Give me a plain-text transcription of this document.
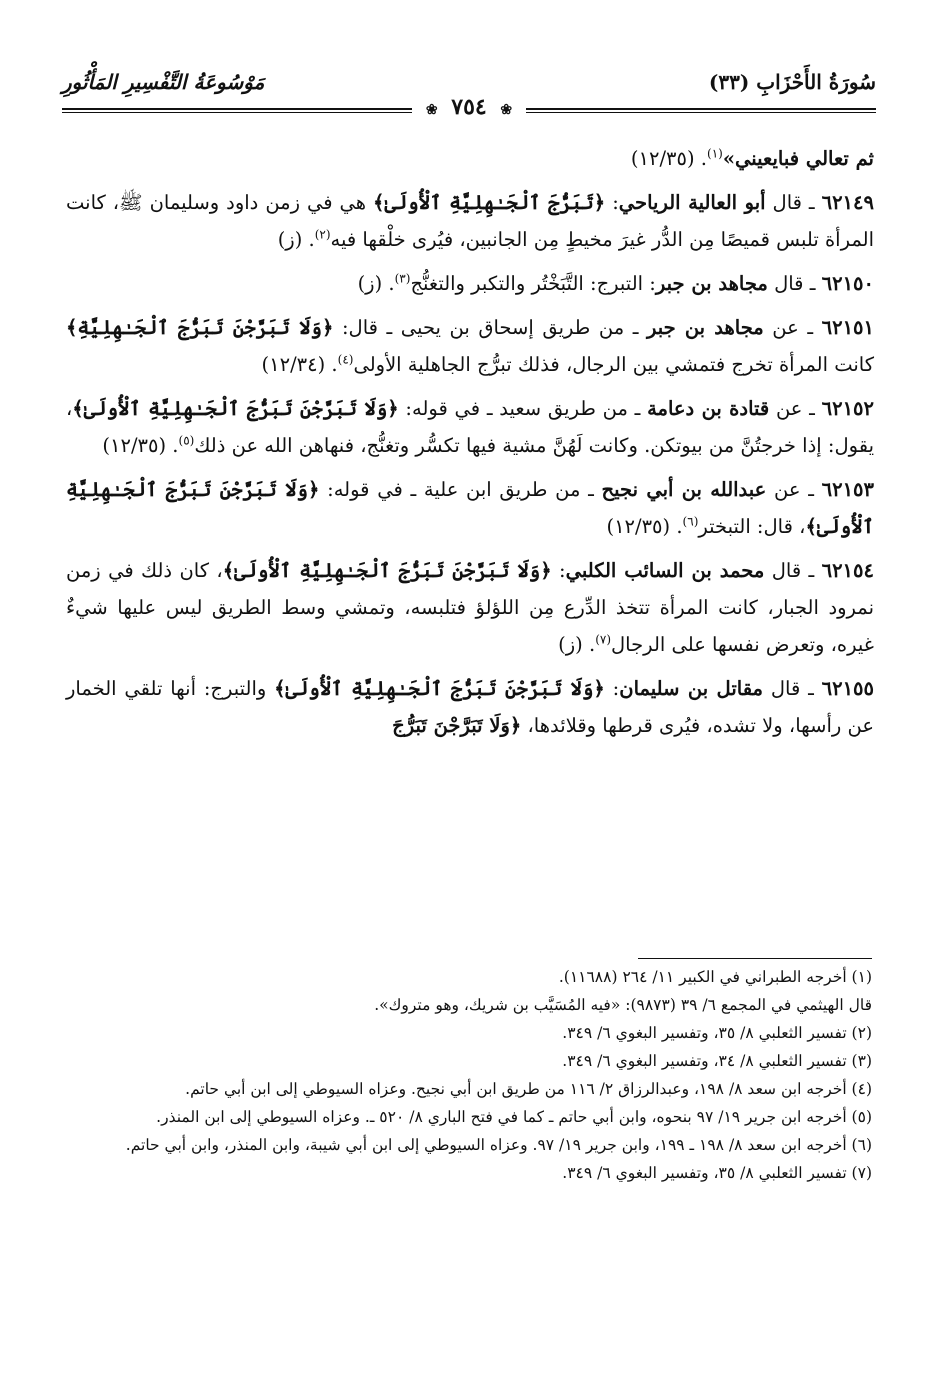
سُورَةُ الأَحْزَابِ (٣٣)
مَوْسُوعَةُ التَّفْسِيرِ المَأْثُورِ
❀ ٧٥٤ ❀

ثم تعالي فبايعيني»$^{(١)}$. (١٢/٣٥)

٦٢١٤٩ ـ قال أبو العالية الرياحي: ﴿تَبَرُّجَ ٱلْجَـٰهِلِيَّةِ ٱلْأُولَىٰ﴾ هي في زمن داود وسليمان ﷺ، كانت المرأة تلبس قميصًا مِن الدُّر غيرَ مخيطٍ مِن الجانبين، فيُرى خلْقها فيه$^{(٢)}$. (ز)

٦٢١٥٠ ـ قال مجاهد بن جبر: التبرج: التَّبَخْتُر والتكبر والتغنُّج$^{(٣)}$. (ز)

٦٢١٥١ ـ عن مجاهد بن جبر ـ من طريق إسحاق بن يحيى ـ قال: ﴿وَلَا تَبَرَّجْنَ تَبَرُّجَ ٱلْجَـٰهِلِيَّةِ﴾ كانت المرأة تخرج فتمشي بين الرجال، فذلك تبرُّج الجاهلية الأولى$^{(٤)}$. (١٢/٣٤)

٦٢١٥٢ ـ عن قتادة بن دعامة ـ من طريق سعيد ـ في قوله: ﴿وَلَا تَبَرَّجْنَ تَبَرُّجَ ٱلْجَـٰهِلِيَّةِ ٱلْأُولَىٰ﴾، يقول: إذا خرجتُنَّ من بيوتكن. وكانت لَهُنَّ مشية فيها تكسُّر وتغنُّج، فنهاهن الله عن ذلك$^{(٥)}$. (١٢/٣٥)

٦٢١٥٣ ـ عن عبدالله بن أبي نجيح ـ من طريق ابن علية ـ في قوله: ﴿وَلَا تَبَرَّجْنَ تَبَرُّجَ ٱلْجَـٰهِلِيَّةِ ٱلْأُولَىٰ﴾، قال: التبختر$^{(٦)}$. (١٢/٣٥)

٦٢١٥٤ ـ قال محمد بن السائب الكلبي: ﴿وَلَا تَبَرَّجْنَ تَبَرُّجَ ٱلْجَـٰهِلِيَّةِ ٱلْأُولَىٰ﴾، كان ذلك في زمن نمرود الجبار، كانت المرأة تتخذ الدِّرع مِن اللؤلؤ فتلبسه، وتمشي وسط الطريق ليس عليها شيءٌ غيره، وتعرض نفسها على الرجال$^{(٧)}$. (ز)

٦٢١٥٥ ـ قال مقاتل بن سليمان: ﴿وَلَا تَبَرَّجْنَ تَبَرُّجَ ٱلْجَـٰهِلِيَّةِ ٱلْأُولَىٰ﴾ والتبرج: أنها تلقي الخمار عن رأسها، ولا تشده، فيُرى قرطها وقلائدها، ﴿وَلَا تَبَرَّجْنَ تَبَرُّجَ

(١) أخرجه الطبراني في الكبير ١١/ ٢٦٤ (١١٦٨٨).

قال الهيثمي في المجمع ٦/ ٣٩ (٩٨٧٣): «فيه المُسَيَّب بن شريك، وهو متروك».

(٢) تفسير الثعلبي ٨/ ٣٥، وتفسير البغوي ٦/ ٣٤٩.

(٣) تفسير الثعلبي ٨/ ٣٤، وتفسير البغوي ٦/ ٣٤٩.

(٤) أخرجه ابن سعد ٨/ ١٩٨، وعبدالرزاق ٢/ ١١٦ من طريق ابن أبي نجيح. وعزاه السيوطي إلى ابن أبي حاتم.

(٥) أخرجه ابن جرير ١٩/ ٩٧ بنحوه، وابن أبي حاتم ـ كما في فتح الباري ٨/ ٥٢٠ ـ. وعزاه السيوطي إلى ابن المنذر.

(٦) أخرجه ابن سعد ٨/ ١٩٨ ـ ١٩٩، وابن جرير ١٩/ ٩٧. وعزاه السيوطي إلى ابن أبي شيبة، وابن المنذر، وابن أبي حاتم.

(٧) تفسير الثعلبي ٨/ ٣٥، وتفسير البغوي ٦/ ٣٤٩.
